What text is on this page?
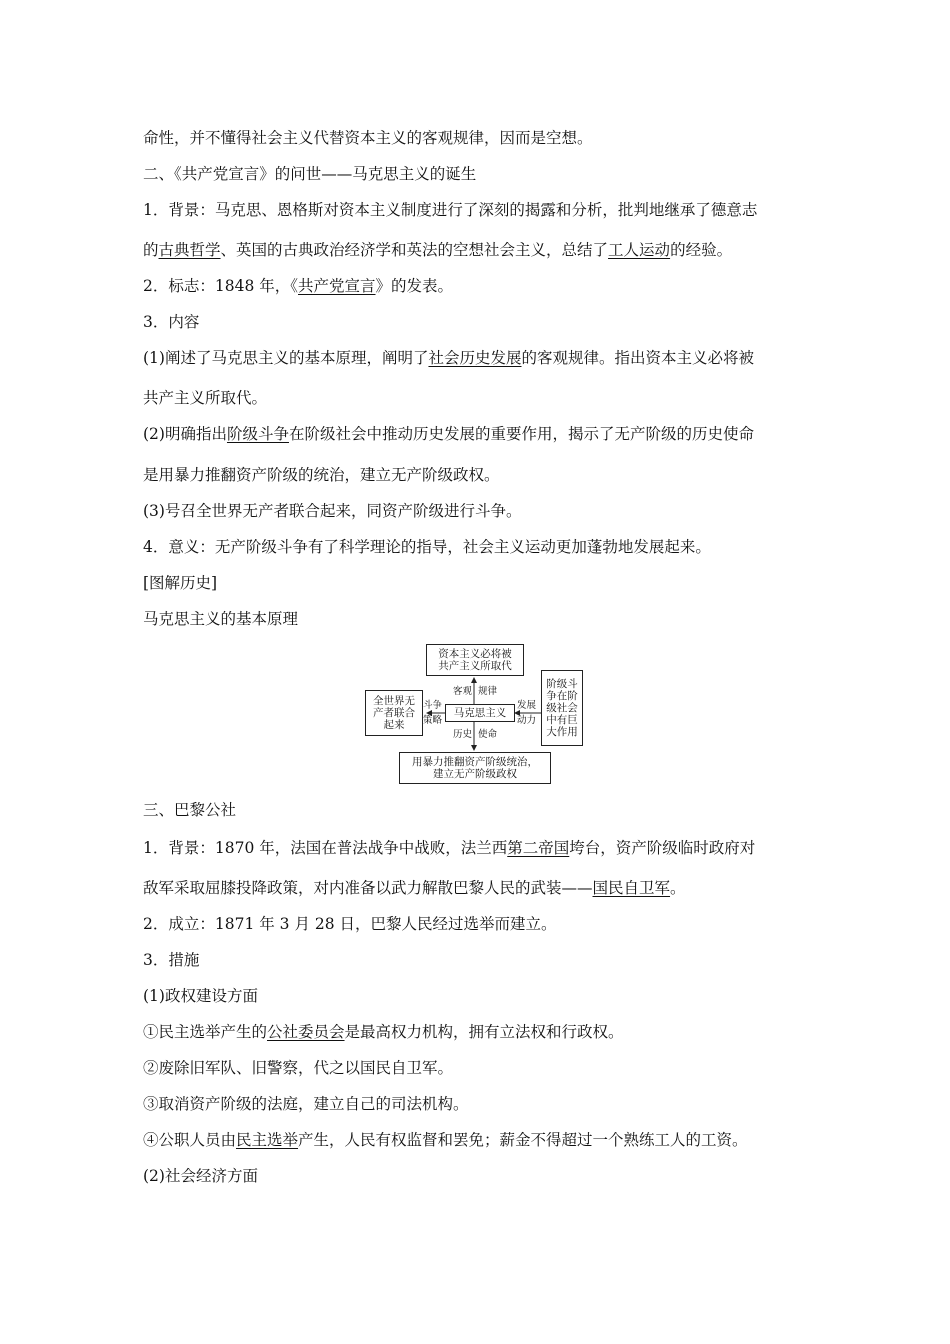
命性，并不懂得社会主义代替资本主义的客观规律，因而是空想。
二、《共产党宣言》的问世——马克思主义的诞生
1．背景：马克思、恩格斯对资本主义制度进行了深刻的揭露和分析，批判地继承了德意志
的古典哲学、英国的古典政治经济学和英法的空想社会主义，总结了工人运动的经验。
2．标志：1848 年，《共产党宣言》的发表。
3．内容
(1)阐述了马克思主义的基本原理，阐明了社会历史发展的客观规律。指出资本主义必将被
共产主义所取代。
(2)明确指出阶级斗争在阶级社会中推动历史发展的重要作用，揭示了无产阶级的历史使命
是用暴力推翻资产阶级的统治，建立无产阶级政权。
(3)号召全世界无产者联合起来，同资产阶级进行斗争。
4．意义：无产阶级斗争有了科学理论的指导，社会主义运动更加蓬勃地发展起来。
[图解历史]
马克思主义的基本原理
三、巴黎公社
1．背景：1870 年，法国在普法战争中战败，法兰西第二帝国垮台，资产阶级临时政府对
敌军采取屈膝投降政策，对内准备以武力解散巴黎人民的武装——国民自卫军。
2．成立：1871 年 3 月 28 日，巴黎人民经过选举而建立。
3．措施
(1)政权建设方面
①民主选举产生的公社委员会是最高权力机构，拥有立法权和行政权。
②废除旧军队、旧警察，代之以国民自卫军。
③取消资产阶级的法庭，建立自己的司法机构。
④公职人员由民主选举产生，人民有权监督和罢免；薪金不得超过一个熟练工人的工资。
(2)社会经济方面
资本主义必将被
共产主义所取代
马克思主义
全世界无
产者联合
起来
阶级斗
争在阶
级社会
中有巨
大作用
用暴力推翻资产阶级统治，
建立无产阶级政权
客观 规律
历史 使命
斗争
策略
发展
动力
